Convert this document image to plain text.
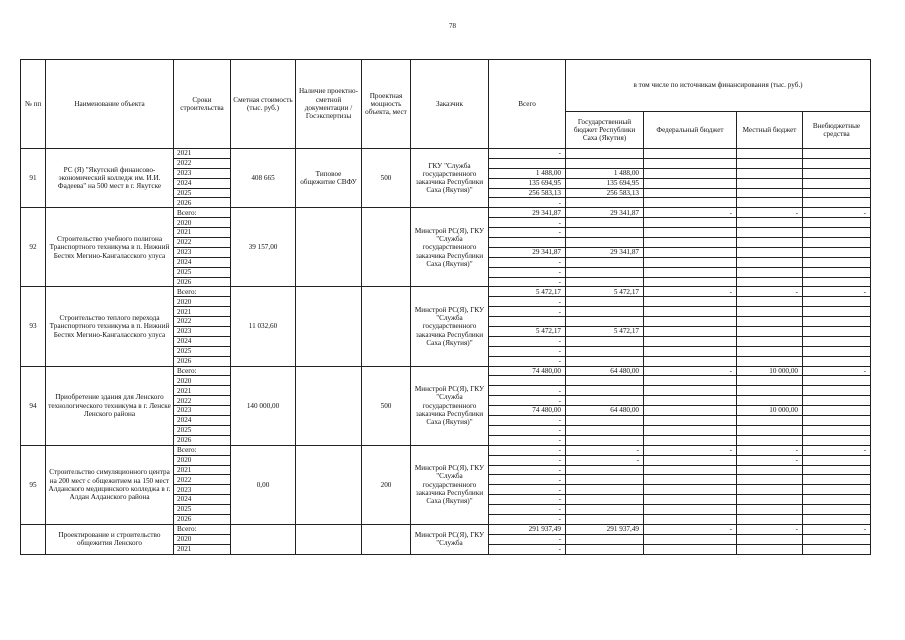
78
№ пп	Наименование объекта	Сроки строительства	Сметная стоимость (тыс. руб.)	Наличие проектно-сметной документации /Госэкспертизы	Проектная мощность объекта, мест	Заказчик	Всего	в том числе по источникам финансирования (тыс. руб.)			
								Государственный бюджет Республики Саха (Якутия)	Федеральный бюджет	Местный бюджет	Внебюджетные средства
91	РС (Я) "Якутский финансово-экономический колледж им. И.И. Фадеева" на 500 мест в г. Якутске	2021	408 665	Типовое общежитие СВФУ	500	ГКУ "Служба государственного заказчика Республики Саха (Якутия)"	-				
		2022									
		2023					1 488,00	1 488,00			
		2024					135 694,95	135 694,95			
		2025					256 583,13	256 583,13			
		2026					-				
92	Строительство учебного полигона Транспортного техникума в п. Нижний Бестях Мегино-Кангаласского улуса	Всего:	39 157,00			Минстрой РС(Я), ГКУ "Служба государственного заказчика Республики Саха (Якутия)"	29 341,87	29 341,87	-	-	-
		2020					-				
		2021					-				
		2022									
		2023					29 341,87	29 341,87			
		2024					-				
		2025					-				
		2026					-				
93	Строительство теплого перехода Транспортного техникума в п. Нижний Бестях Мегино-Кангаласского улуса	Всего:	11 032,60			Минстрой РС(Я), ГКУ "Служба государственного заказчика Республики Саха (Якутия)"	5 472,17	5 472,17	-	-	-
		2020					-				
		2021					-				
		2022									
		2023					5 472,17	5 472,17			
		2024					-				
		2025					-				
		2026					-				
94	Приобретение здания для Ленского технологического техникума в г. Ленске Ленского района	Всего:	140 000,00		500	Минстрой РС(Я), ГКУ "Служба государственного заказчика Республики Саха (Якутия)"	74 480,00	64 480,00	-	10 000,00	-
		2020									
		2021					-				
		2022					-				
		2023					74 480,00	64 480,00		10 000,00	
		2024					-				
		2025					-				
		2026					-				
95	Строительство симуляционного центра на 200 мест с общежитием на 150 мест Алданского медицинского колледжа в г. Алдан Алданского района	Всего:	0,00		200	Минстрой РС(Я), ГКУ "Служба государственного заказчика Республики Саха (Якутия)"	-	-	-	-	-
		2020					-	-		-	
		2021					-				
		2022					-				
		2023					-				
		2024					-				
		2025					-				
		2026					-				
	Проектирование и строительство общежития Ленского	Всего:				Минстрой РС(Я), ГКУ "Служба	291 937,49	291 937,49	-	-	-
		2020					-				
		2021					-				
